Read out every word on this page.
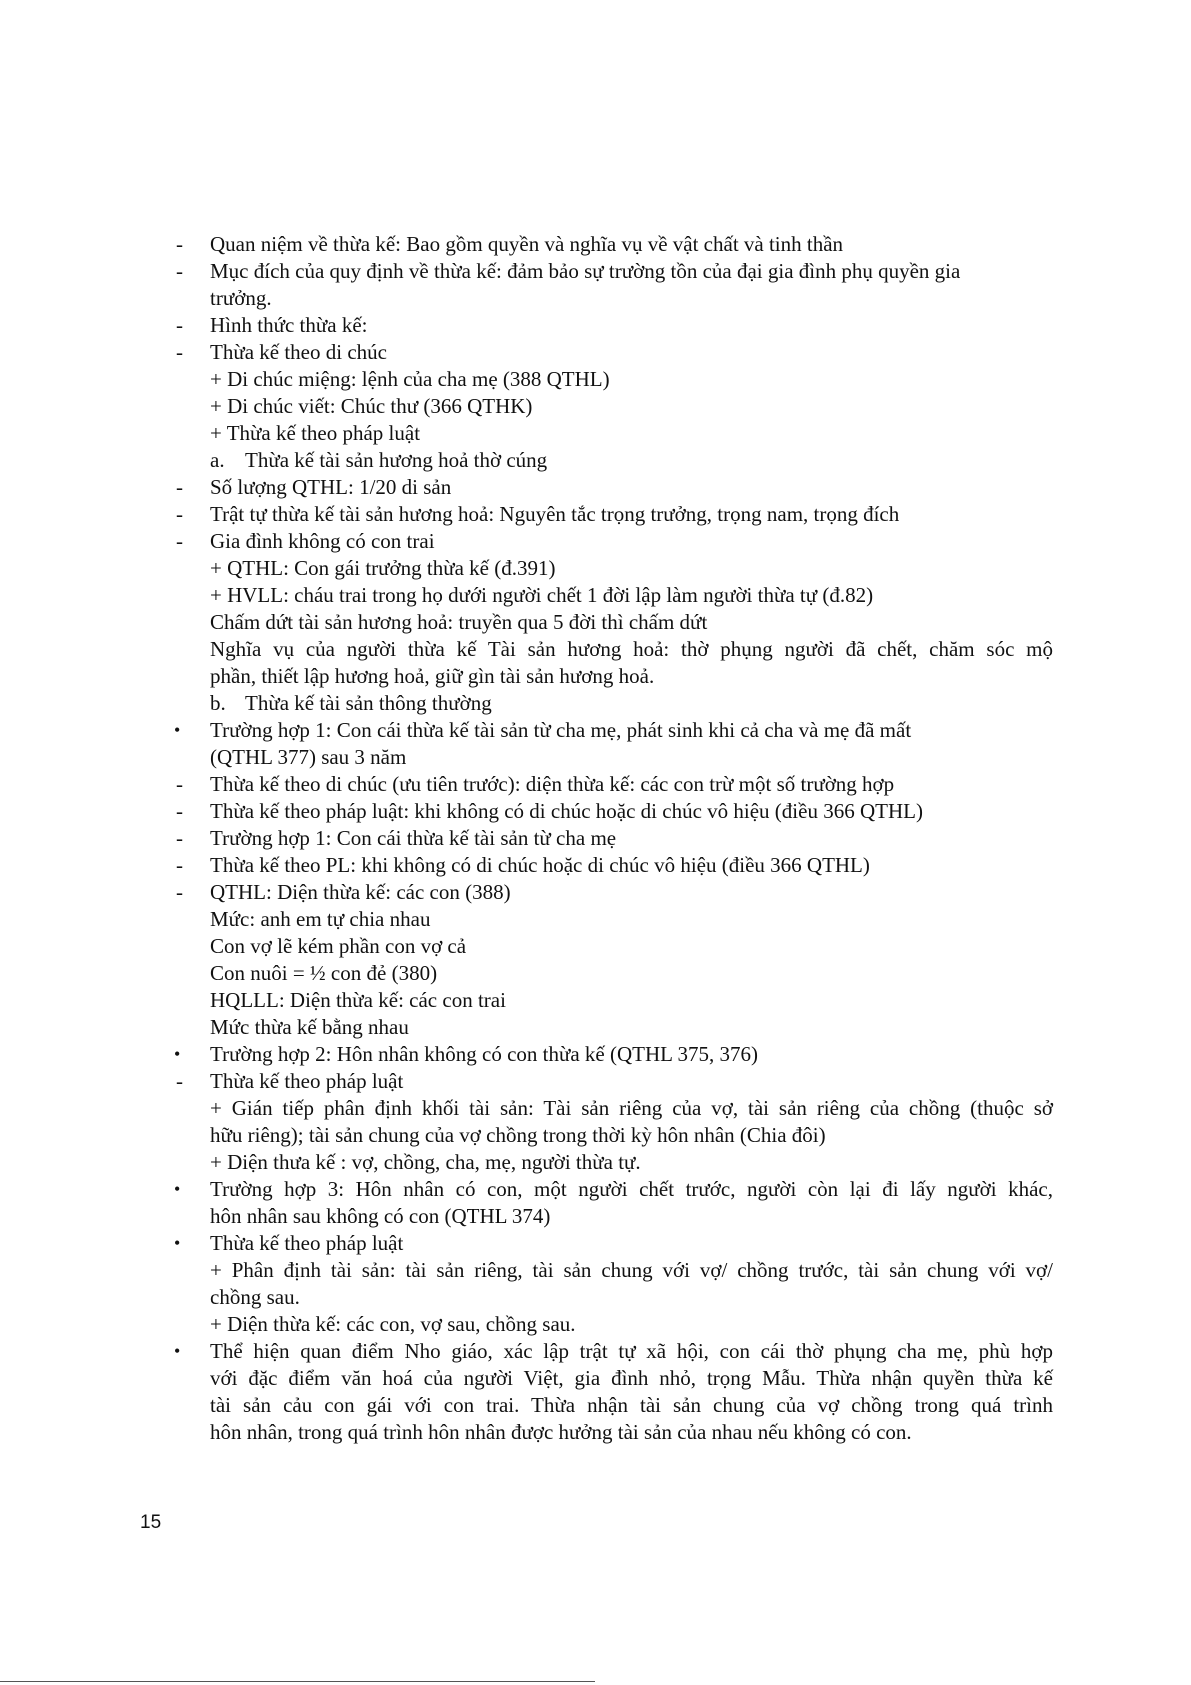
- Quan niệm về thừa kế: Bao gồm quyền và nghĩa vụ về vật chất và tinh thần
- Mục đích của quy định về thừa kế: đảm bảo sự trường tồn của đại gia đình phụ quyền gia
trưởng.
- Hình thức thừa kế:
- Thừa kế theo di chúc
+ Di chúc miệng: lệnh của cha mẹ (388 QTHL)
+ Di chúc viết: Chúc thư (366 QTHK)
+ Thừa kế theo pháp luật
a. Thừa kế tài sản hương hoả thờ cúng
- Số lượng QTHL: 1/20 di sản
- Trật tự thừa kế tài sản hương hoả: Nguyên tắc trọng trưởng, trọng nam, trọng đích
- Gia đình không có con trai
+ QTHL: Con gái trưởng thừa kế (đ.391)
+ HVLL: cháu trai trong họ dưới người chết 1 đời lập làm người thừa tự (đ.82)
Chấm dứt tài sản hương hoả: truyền qua 5 đời thì chấm dứt
Nghĩa vụ của người thừa kế Tài sản hương hoả: thờ phụng người đã chết, chăm sóc mộ
phần, thiết lập hương hoả, giữ gìn tài sản hương hoả.
b. Thừa kế tài sản thông thường
• Trường hợp 1: Con cái thừa kế tài sản từ cha mẹ, phát sinh khi cả cha và mẹ đã mất
(QTHL 377) sau 3 năm
- Thừa kế theo di chúc (ưu tiên trước): diện thừa kế: các con trừ một số trường hợp
- Thừa kế theo pháp luật: khi không có di chúc hoặc di chúc vô hiệu (điều 366 QTHL)
- Trường hợp 1: Con cái thừa kế tài sản từ cha mẹ
- Thừa kế theo PL: khi không có di chúc hoặc di chúc vô hiệu (điều 366 QTHL)
- QTHL: Diện thừa kế: các con (388)
Mức: anh em tự chia nhau
Con vợ lẽ kém phần con vợ cả
Con nuôi = ½ con đẻ (380)
HQLLL: Diện thừa kế: các con trai
Mức thừa kế bằng nhau
• Trường hợp 2: Hôn nhân không có con thừa kế (QTHL 375, 376)
- Thừa kế theo pháp luật
+ Gián tiếp phân định khối tài sản: Tài sản riêng của vợ, tài sản riêng của chồng (thuộc sở
hữu riêng); tài sản chung của vợ chồng trong thời kỳ hôn nhân (Chia đôi)
+ Diện thưa kế : vợ, chồng, cha, mẹ, người thừa tự.
• Trường hợp 3: Hôn nhân có con, một người chết trước, người còn lại đi lấy người khác,
hôn nhân sau không có con (QTHL 374)
• Thừa kế theo pháp luật
+ Phân định tài sản: tài sản riêng, tài sản chung với vợ/ chồng trước, tài sản chung với vợ/
chồng sau.
+ Diện thừa kế: các con, vợ sau, chồng sau.
• Thể hiện quan điểm Nho giáo, xác lập trật tự xã hội, con cái thờ phụng cha mẹ, phù hợp
với đặc điểm văn hoá của người Việt, gia đình nhỏ, trọng Mẫu. Thừa nhận quyền thừa kế
tài sản cảu con gái với con trai. Thừa nhận tài sản chung của vợ chồng trong quá trình
hôn nhân, trong quá trình hôn nhân được hưởng tài sản của nhau nếu không có con.
15
